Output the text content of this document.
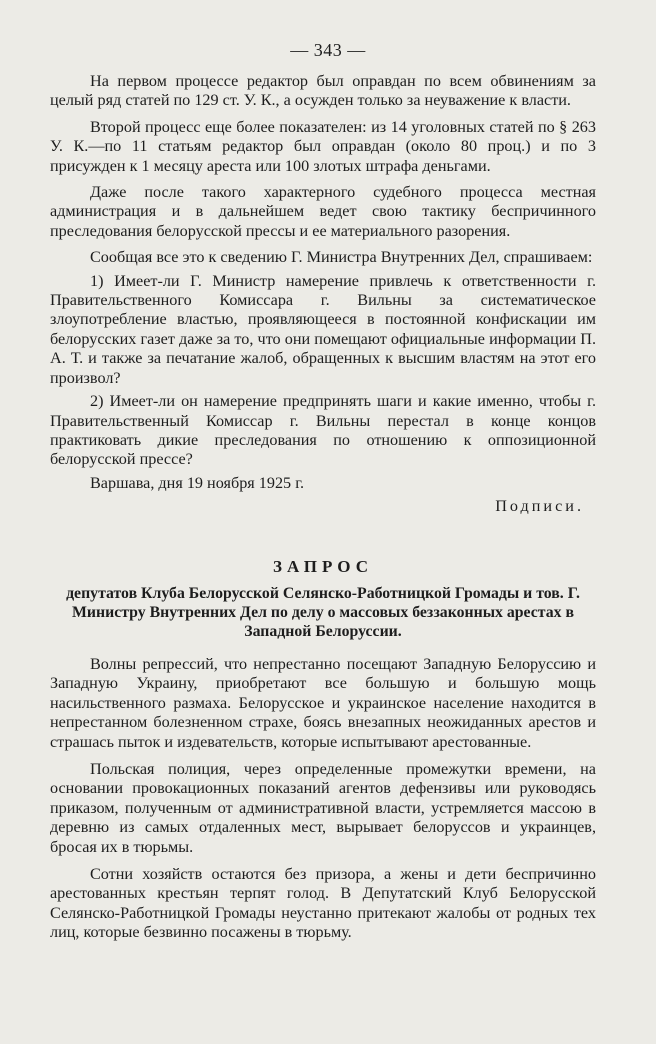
— 343 —

На первом процессе редактор был оправдан по всем обвинениям за целый ряд статей по 129 ст. У. К., а осужден только за неуважение к власти.

Второй процесс еще более показателен: из 14 уголовных статей по § 263 У. К.—по 11 статьям редактор был оправдан (около 80 проц.) и по 3 присужден к 1 месяцу ареста или 100 злотых штрафа деньгами.

Даже после такого характерного судебного процесса местная администрация и в дальнейшем ведет свою тактику беспричинного преследования белорусской прессы и ее материального разорения.

Сообщая все это к сведению Г. Министра Внутренних Дел, спрашиваем:

1) Имеет-ли Г. Министр намерение привлечь к ответственности г. Правительственного Комиссара г. Вильны за систематическое злоупотребление властью, проявляющееся в постоянной конфискации им белорусских газет даже за то, что они помещают официальные информации П. А. Т. и также за печатание жалоб, обращенных к высшим властям на этот его произвол?

2) Имеет-ли он намерение предпринять шаги и какие именно, чтобы г. Правительственный Комиссар г. Вильны перестал в конце концов практиковать дикие преследования по отношению к оппозиционной белорусской прессе?

Варшава, дня 19 ноября 1925 г.

Подписи.

ЗАПРОС
депутатов Клуба Белорусской Селянско-Работницкой Громады и тов. Г. Министру Внутренних Дел по делу о массовых беззаконных арестах в Западной Белоруссии.

Волны репрессий, что непрестанно посещают Западную Белоруссию и Западную Украину, приобретают все большую и большую мощь насильственного размаха. Белорусское и украинское население находится в непрестанном болезненном страхе, боясь внезапных неожиданных арестов и страшась пыток и издевательств, которые испытывают арестованные.

Польская полиция, через определенные промежутки времени, на основании провокационных показаний агентов дефензивы или руководясь приказом, полученным от административной власти, устремляется массою в деревню из самых отдаленных мест, вырывает белоруссов и украинцев, бросая их в тюрьмы.

Сотни хозяйств остаются без призора, а жены и дети беспричинно арестованных крестьян терпят голод. В Депутатский Клуб Белорусской Селянско-Работницкой Громады неустанно притекают жалобы от родных тех лиц, которые безвинно посажены в тюрьму.
